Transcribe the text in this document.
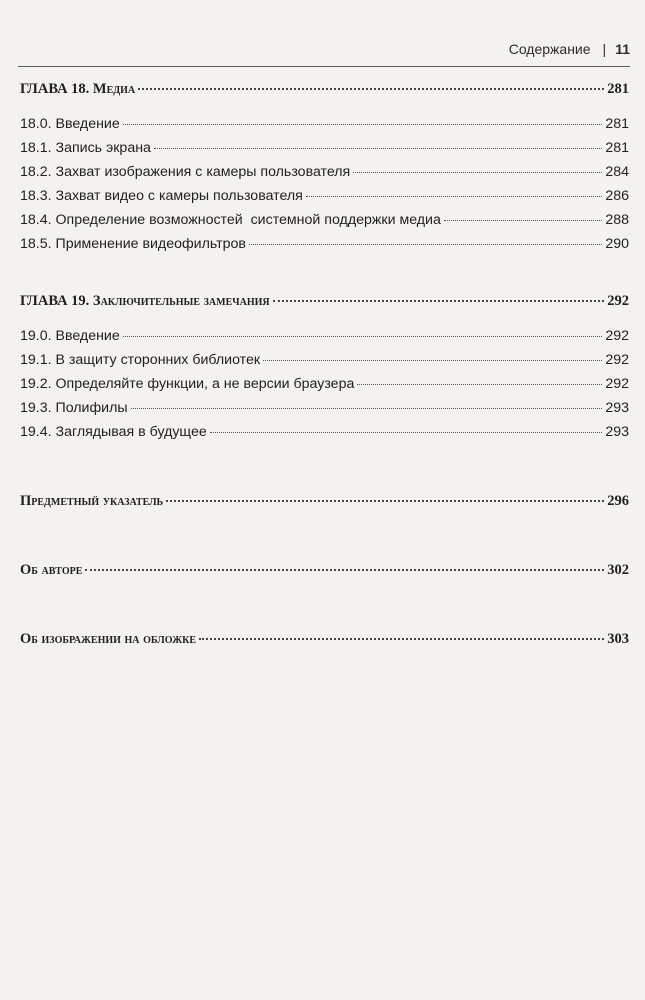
Содержание | 11
ГЛАВА 18. Медиа	281
18.0. Введение	281
18.1. Запись экрана	281
18.2. Захват изображения с камеры пользователя	284
18.3. Захват видео с камеры пользователя	286
18.4. Определение возможностей  системной поддержки медиа	288
18.5. Применение видеофильтров	290
ГЛАВА 19. Заключительные замечания	292
19.0. Введение	292
19.1. В защиту сторонних библиотек	292
19.2. Определяйте функции, а не версии браузера	292
19.3. Полифилы	293
19.4. Заглядывая в будущее	293
Предметный указатель	296
Об авторе	302
Об изображении на обложке	303
